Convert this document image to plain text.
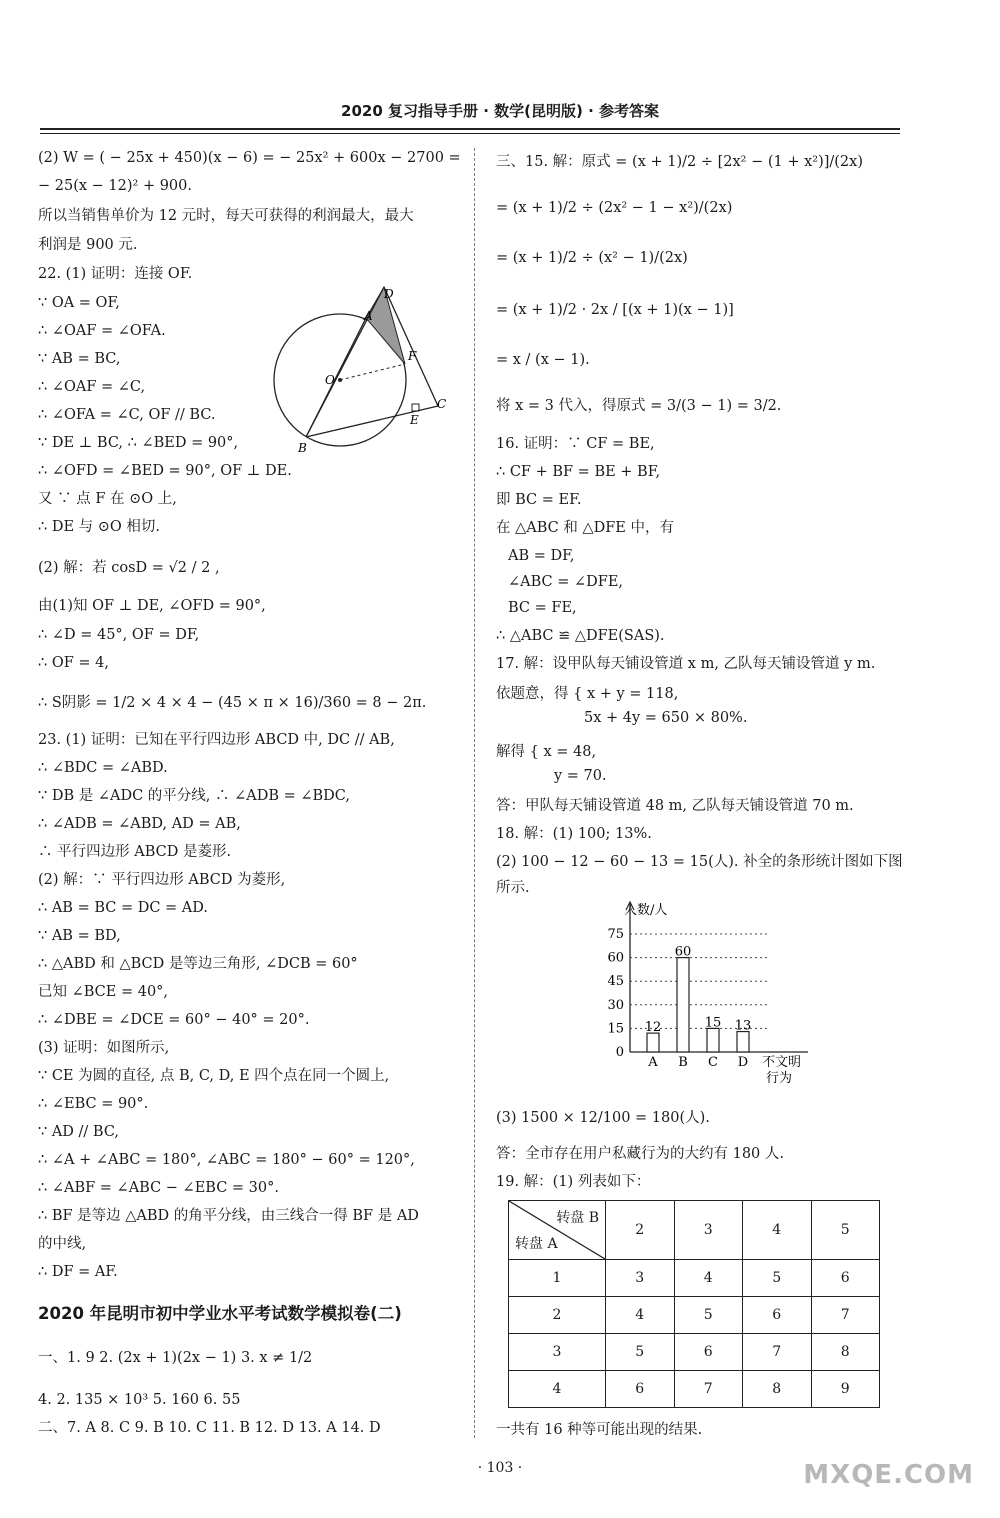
2020 复习指导手册 · 数学(昆明版) · 参考答案
(2) W = ( − 25x + 450)(x − 6) = − 25x² + 600x − 2700 =
− 25(x − 12)² + 900.
所以当销售单价为 12 元时，每天可获得的利润最大，最大
利润是 900 元.
22. (1) 证明：连接 OF.
∵ OA = OF,
∴ ∠OAF = ∠OFA.
∵ AB = BC,
∴ ∠OAF = ∠C,
∴ ∠OFA = ∠C, OF // BC.
∵ DE ⊥ BC, ∴ ∠BED = 90°,
∴ ∠OFD = ∠BED = 90°, OF ⊥ DE.
又 ∵ 点 F 在 ⊙O 上,
∴ DE 与 ⊙O 相切.
(2) 解：若 cosD = √2 / 2 ,
由(1)知 OF ⊥ DE, ∠OFD = 90°,
∴ ∠D = 45°, OF = DF,
∴ OF = 4,
∴ S阴影 = 1/2 × 4 × 4 − (45 × π × 16)/360 = 8 − 2π.
23. (1) 证明：已知在平行四边形 ABCD 中, DC // AB,
∴ ∠BDC = ∠ABD.
∵ DB 是 ∠ADC 的平分线, ∴ ∠ADB = ∠BDC,
∴ ∠ADB = ∠ABD, AD = AB,
∴ 平行四边形 ABCD 是菱形.
(2) 解：∵ 平行四边形 ABCD 为菱形,
∴ AB = BC = DC = AD.
∵ AB = BD,
∴ △ABD 和 △BCD 是等边三角形, ∠DCB = 60°
已知 ∠BCE = 40°,
∴ ∠DBE = ∠DCE = 60° − 40° = 20°.
(3) 证明：如图所示,
∵ CE 为圆的直径, 点 B, C, D, E 四个点在同一个圆上,
∴ ∠EBC = 90°.
∵ AD // BC,
∴ ∠A + ∠ABC = 180°, ∠ABC = 180° − 60° = 120°,
∴ ∠ABF = ∠ABC − ∠EBC = 30°.
∴ BF 是等边 △ABD 的角平分线，由三线合一得 BF 是 AD
的中线,
∴ DF = AF.
2020 年昆明市初中学业水平考试数学模拟卷(二)
一、1. 9 2. (2x + 1)(2x − 1) 3. x ≠ 1/2
4. 2. 135 × 10³ 5. 160 6. 55
二、7. A 8. C 9. B 10. C 11. B 12. D 13. A 14. D
D
A
F
O
C
E
B
三、15. 解：原式 = (x + 1)/2 ÷ [2x² − (1 + x²)]/(2x)
= (x + 1)/2 ÷ (2x² − 1 − x²)/(2x)
= (x + 1)/2 ÷ (x² − 1)/(2x)
= (x + 1)/2 · 2x / [(x + 1)(x − 1)]
= x / (x − 1).
将 x = 3 代入，得原式 = 3/(3 − 1) = 3/2.
16. 证明：∵ CF = BE,
∴ CF + BF = BE + BF,
即 BC = EF.
在 △ABC 和 △DFE 中，有
AB = DF,
∠ABC = ∠DFE,
BC = FE,
∴ △ABC ≌ △DFE(SAS).
17. 解：设甲队每天铺设管道 x m, 乙队每天铺设管道 y m.
依题意，得 { x + y = 118,
5x + 4y = 650 × 80%.
解得 { x = 48,
y = 70.
答：甲队每天铺设管道 48 m, 乙队每天铺设管道 70 m.
18. 解：(1) 100; 13%.
(2) 100 − 12 − 60 − 13 = 15(人). 补全的条形统计图如下图
所示.
(3) 1500 × 12/100 = 180(人).
答：全市存在用户私藏行为的大约有 180 人.
19. 解：(1) 列表如下：
一共有 16 种等可能出现的结果.
人数/人
不文明行为
0
15
30
45
60
75
12
A
60
B
15
C
13
D
转盘 B
转盘 A	2	3	4	5
1	3	4	5	6
2	4	5	6	7
3	5	6	7	8
4	6	7	8	9
· 103 ·	MXQE.COM
